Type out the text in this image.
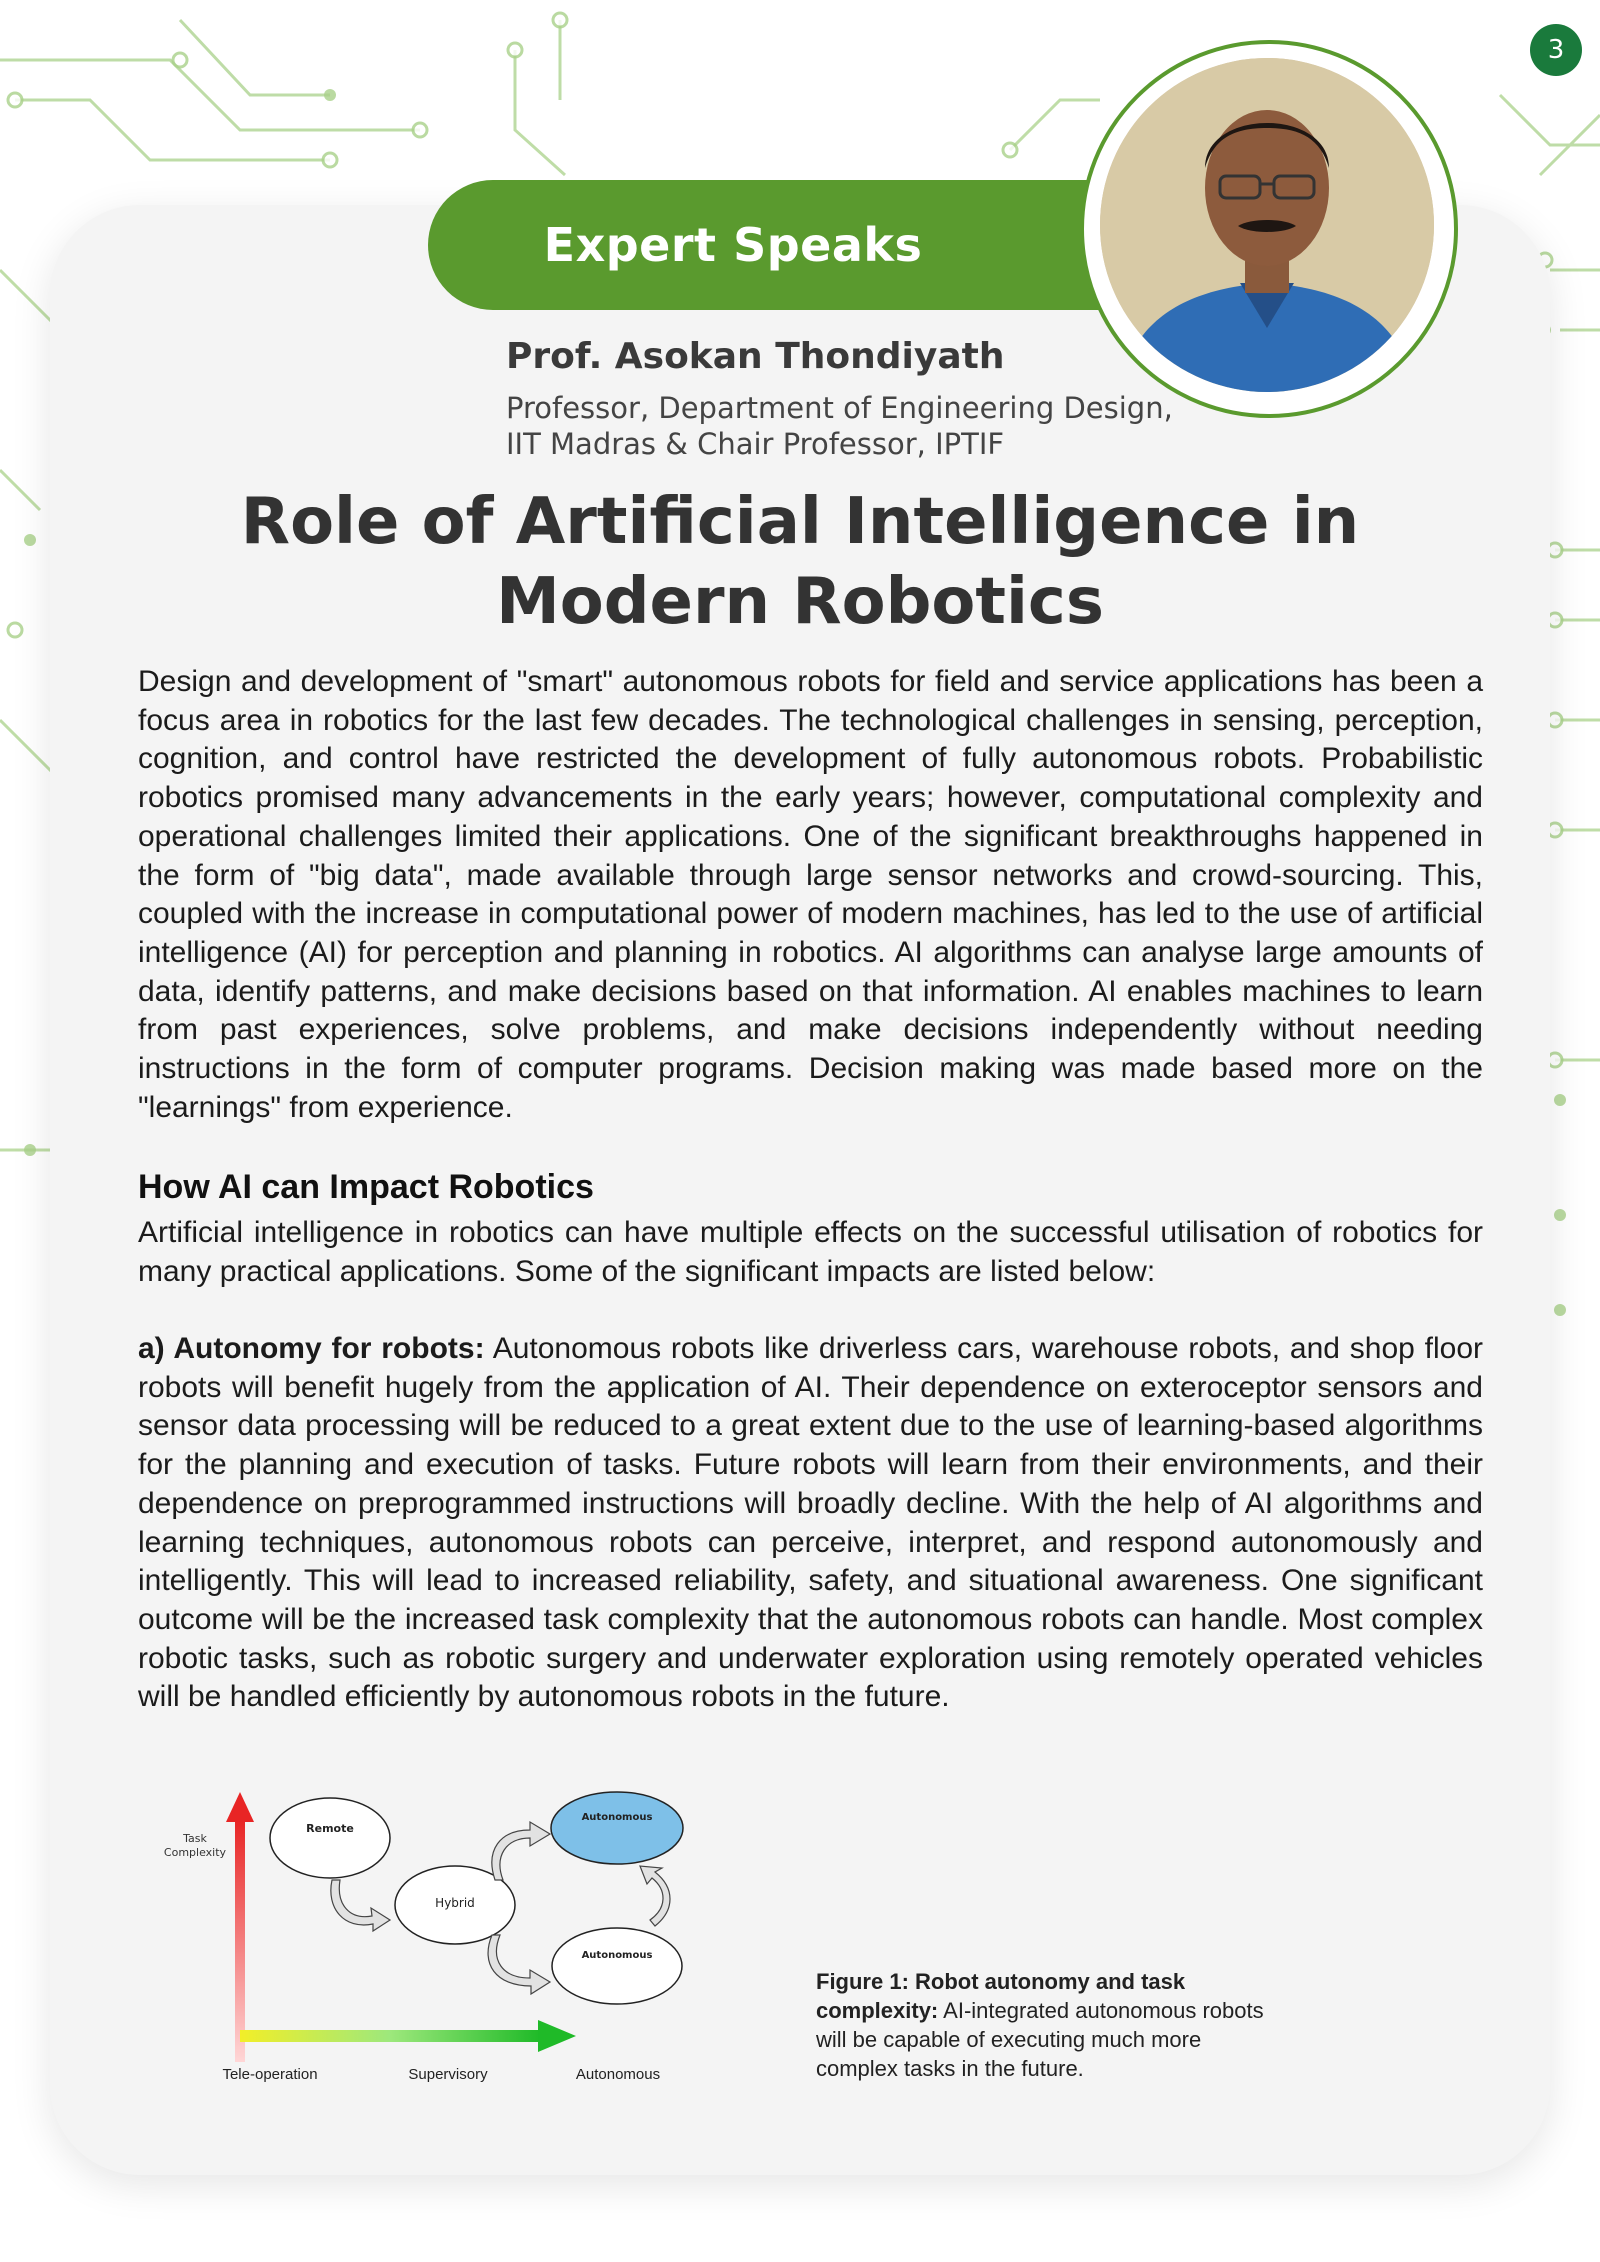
3
Expert Speaks
Prof. Asokan Thondiyath
Professor, Department of Engineering Design,
IIT Madras & Chair Professor, IPTIF
Role of Artificial Intelligence in
Modern Robotics

Design and development of "smart" autonomous robots for field and service applications has been a focus area in robotics for the last few decades. The technological challenges in sensing, perception, cognition, and control have restricted the development of fully autonomous robots. Probabilistic robotics promised many advancements in the early years; however, computational complexity and operational challenges limited their applications. One of the significant breakthroughs happened in the form of "big data", made available through large sensor networks and crowd-sourcing. This, coupled with the increase in computational power of modern machines, has led to the use of artificial intelligence (AI) for perception and planning in robotics. AI algorithms can analyse large amounts of data, identify patterns, and make decisions based on that information. AI enables machines to learn from past experiences, solve problems, and make decisions independently without needing instructions in the form of computer programs. Decision making was made based more on the "learnings" from experience.

How AI can Impact Robotics

Artificial intelligence in robotics can have multiple effects on the successful utilisation of robotics for many practical applications. Some of the significant impacts are listed below:

a) Autonomy for robots: Autonomous robots like driverless cars, warehouse robots, and shop floor robots will benefit hugely from the application of AI. Their dependence on exteroceptor sensors and sensor data processing will be reduced to a great extent due to the use of learning-based algorithms for the planning and execution of tasks. Future robots will learn from their environments, and their dependence on preprogrammed instructions will broadly decline. With the help of AI algorithms and learning techniques, autonomous robots can perceive, interpret, and respond autonomously and intelligently. This will lead to increased reliability, safety, and situational awareness. One significant outcome will be the increased task complexity that the autonomous robots can handle. Most complex robotic tasks, such as robotic surgery and underwater exploration using remotely operated vehicles will be handled efficiently by autonomous robots in the future.

Task
Complexity
Remote
Hybrid
Autonomous
Autonomous
Tele-operation	Supervisory	Autonomous
Figure 1: Robot autonomy and task complexity: AI-integrated autonomous robots will be capable of executing much more complex tasks in the future.
